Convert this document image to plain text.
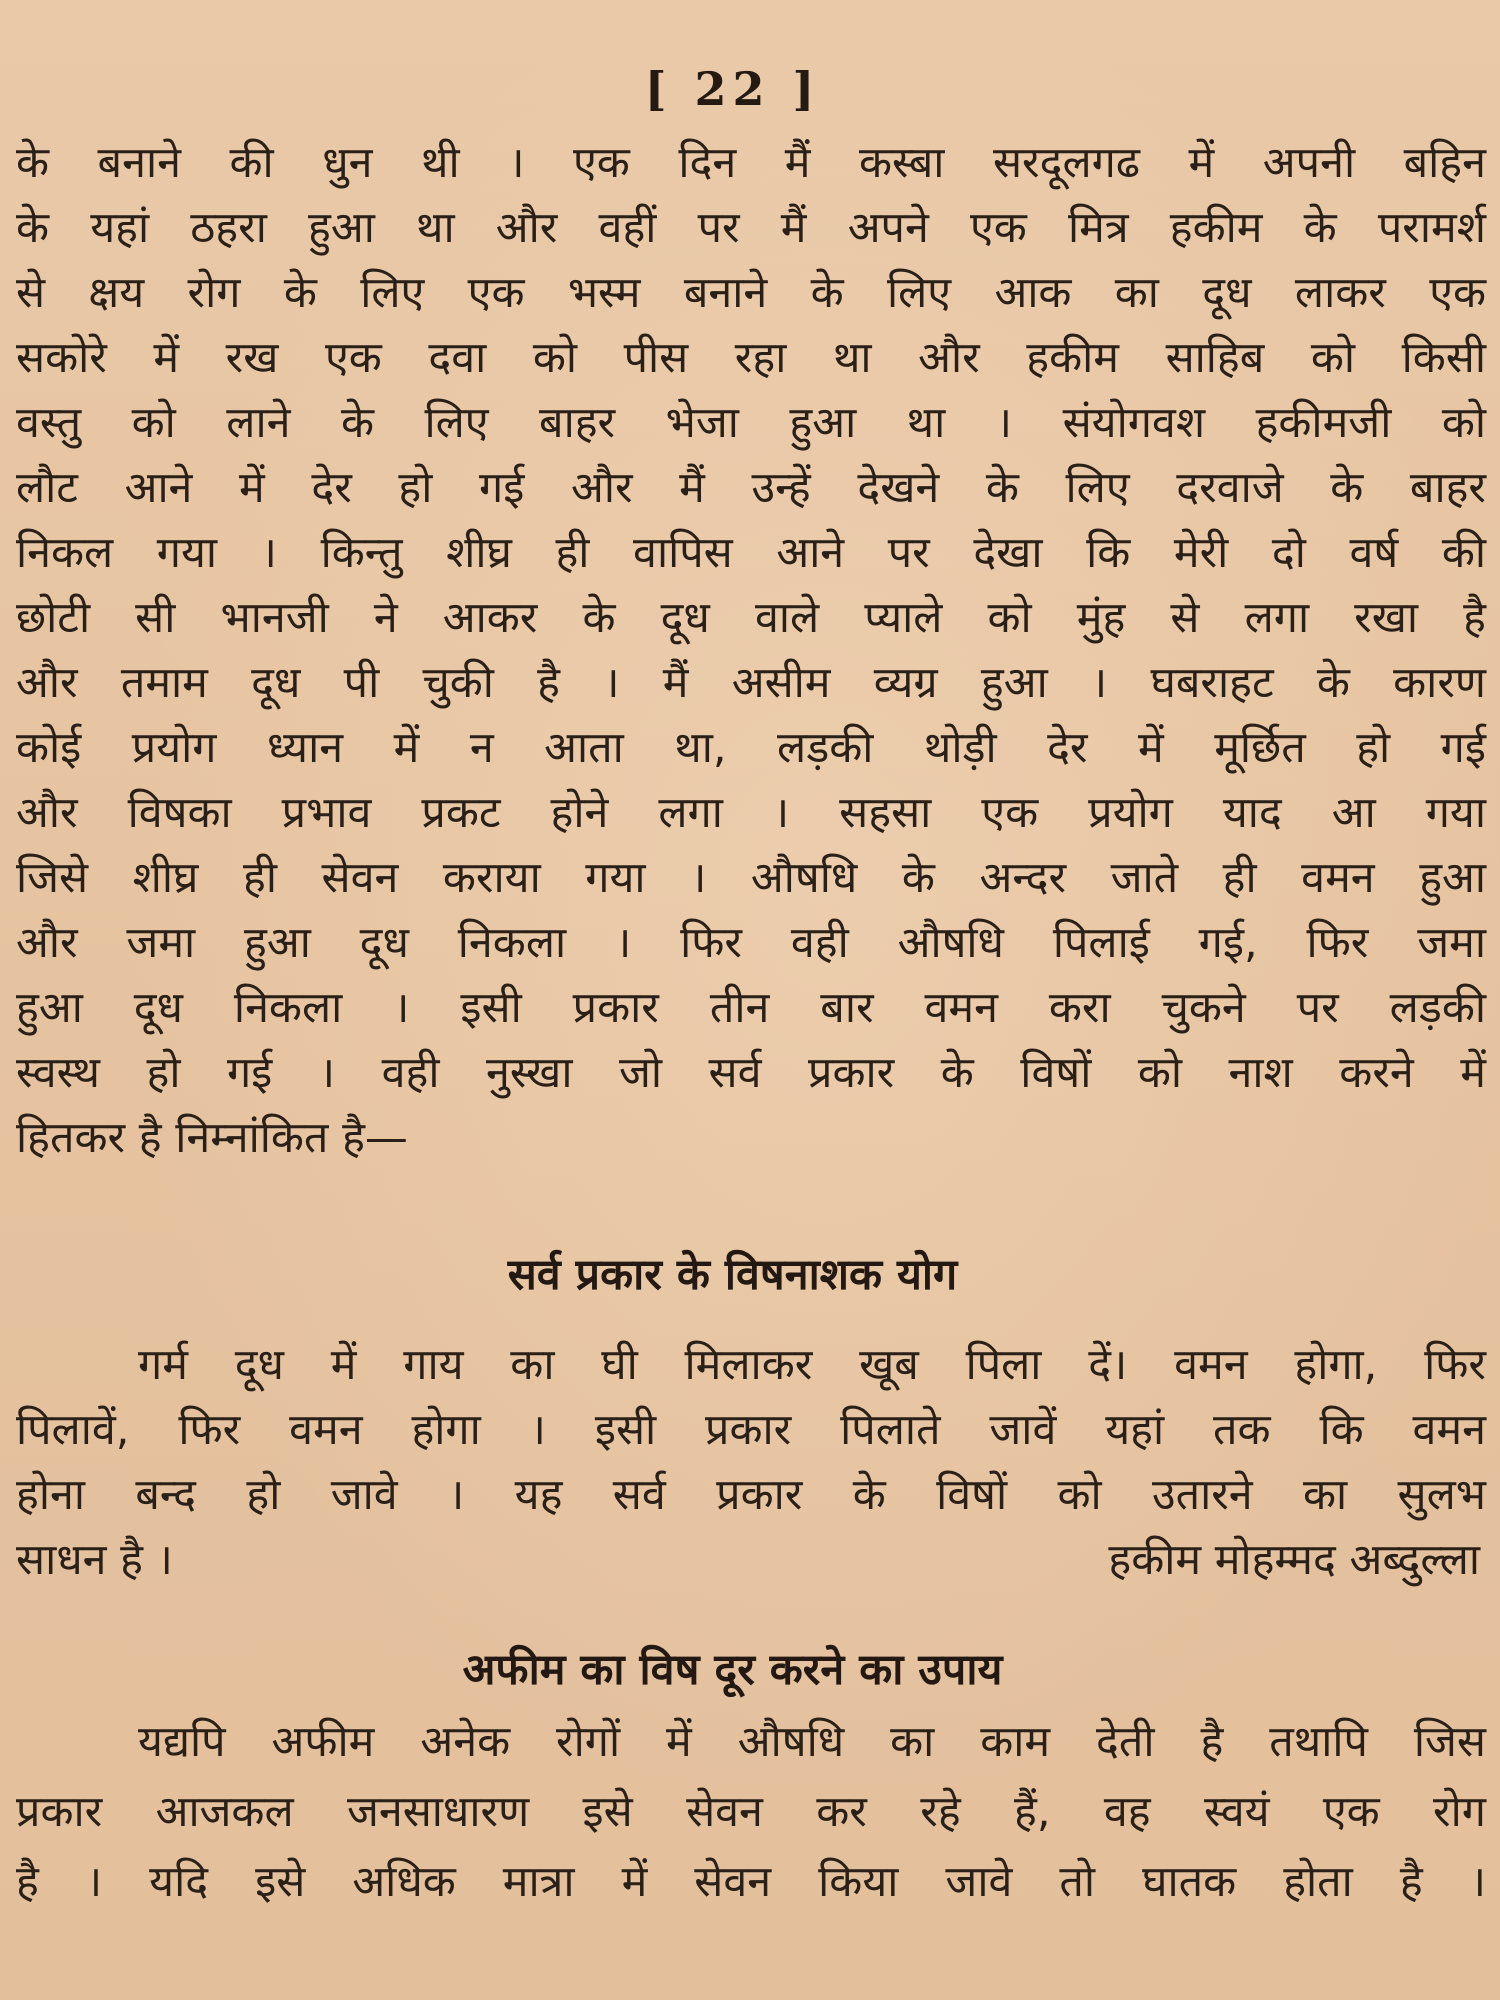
[ 22 ]
के बनाने की धुन थी । एक दिन मैं कस्बा सरदूलगढ में अपनी बहिन
के यहां ठहरा हुआ था और वहीं पर मैं अपने एक मित्र हकीम के परामर्श
से क्षय रोग के लिए एक भस्म बनाने के लिए आक का दूध लाकर एक
सकोरे में रख एक दवा को पीस रहा था और हकीम साहिब को किसी
वस्तु को लाने के लिए बाहर भेजा हुआ था । संयोगवश हकीमजी को
लौट आने में देर हो गई और मैं उन्हें देखने के लिए दरवाजे के बाहर
निकल गया । किन्तु शीघ्र ही वापिस आने पर देखा कि मेरी दो वर्ष की
छोटी सी भानजी ने आकर के दूध वाले प्याले को मुंह से लगा रखा है
और तमाम दूध पी चुकी है । मैं असीम व्यग्र हुआ । घबराहट के कारण
कोई प्रयोग ध्यान में न आता था, लड़की थोड़ी देर में मूर्छित हो गई
और विषका प्रभाव प्रकट होने लगा । सहसा एक प्रयोग याद आ गया
जिसे शीघ्र ही सेवन कराया गया । औषधि के अन्दर जाते ही वमन हुआ
और जमा हुआ दूध निकला । फिर वही औषधि पिलाई गई, फिर जमा
हुआ दूध निकला । इसी प्रकार तीन बार वमन करा चुकने पर लड़की
स्वस्थ हो गई । वही नुस्खा जो सर्व प्रकार के विषों को नाश करने में
हितकर है निम्नांकित है—
सर्व प्रकार के विषनाशक योग
गर्म दूध में गाय का घी मिलाकर खूब पिला दें। वमन होगा, फिर
पिलावें, फिर वमन होगा । इसी प्रकार पिलाते जावें यहां तक कि वमन
होना बन्द हो जावे । यह सर्व प्रकार के विषों को उतारने का सुलभ
साधन है ।	हकीम मोहम्मद अब्दुल्ला
अफीम का विष दूर करने का उपाय
यद्यपि अफीम अनेक रोगों में औषधि का काम देती है तथापि जिस
प्रकार आजकल जनसाधारण इसे सेवन कर रहे हैं, वह स्वयं एक रोग
है । यदि इसे अधिक मात्रा में सेवन किया जावे तो घातक होता है ।
